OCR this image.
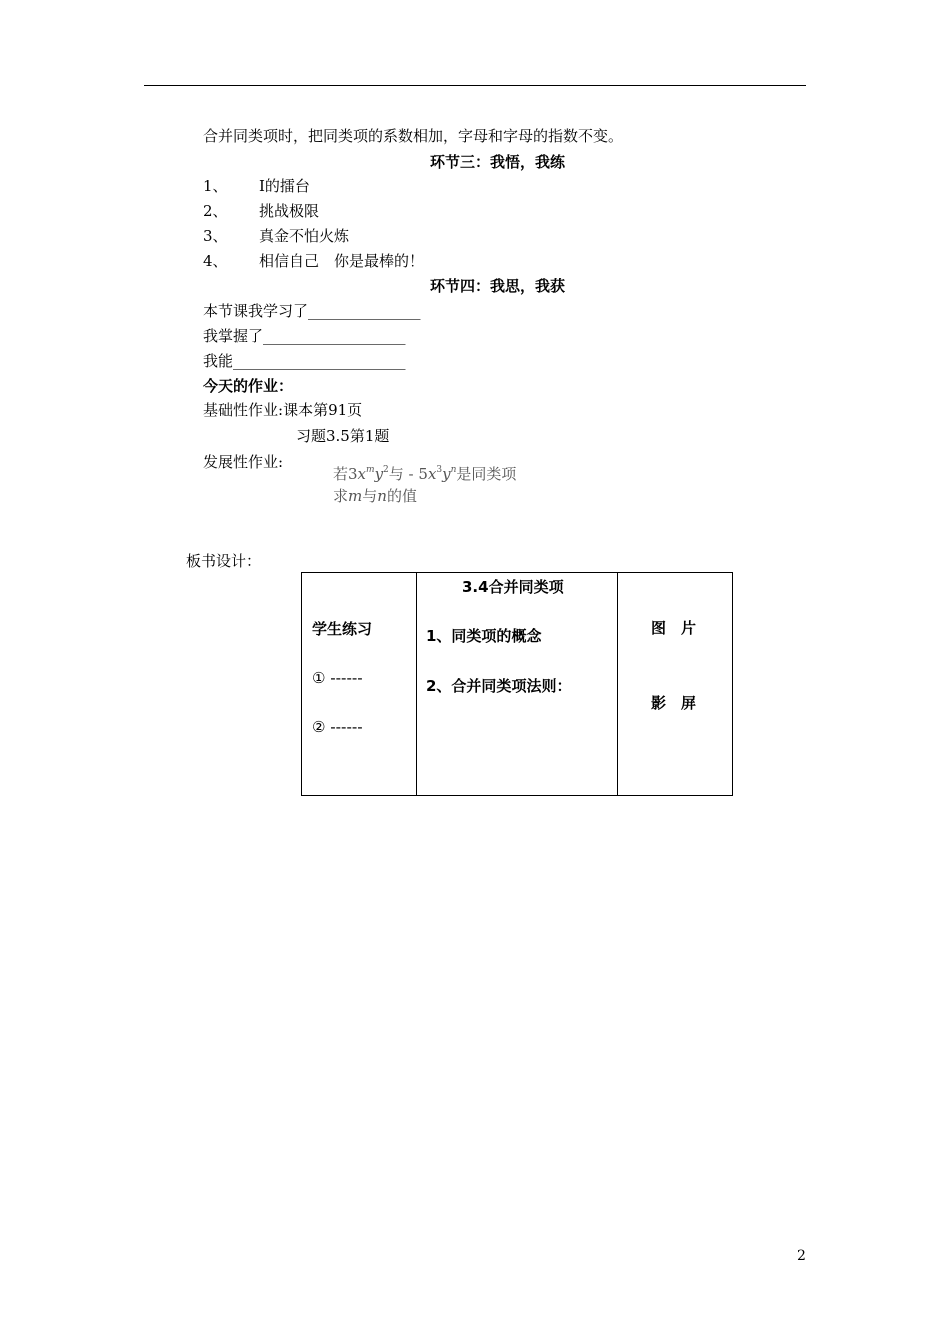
合并同类项时，把同类项的系数相加，字母和字母的指数不变。
环节三：我悟，我练
1、 I的擂台
2、 挑战极限
3、 真金不怕火炼
4、 相信自己　你是最棒的！
环节四：我思，我获
本节课我学习了_______________
我掌握了___________________
我能_______________________
今天的作业：
基础性作业:课本第91页
习题3.5第1题
发展性作业:
若$3x^my^2$与 - $5x^3y^n$是同类项
求m与n的值
板书设计：
学生练习
① ------
② ------
3.4合并同类项
1、同类项的概念
2、合并同类项法则：
图　片
影　屏
2
